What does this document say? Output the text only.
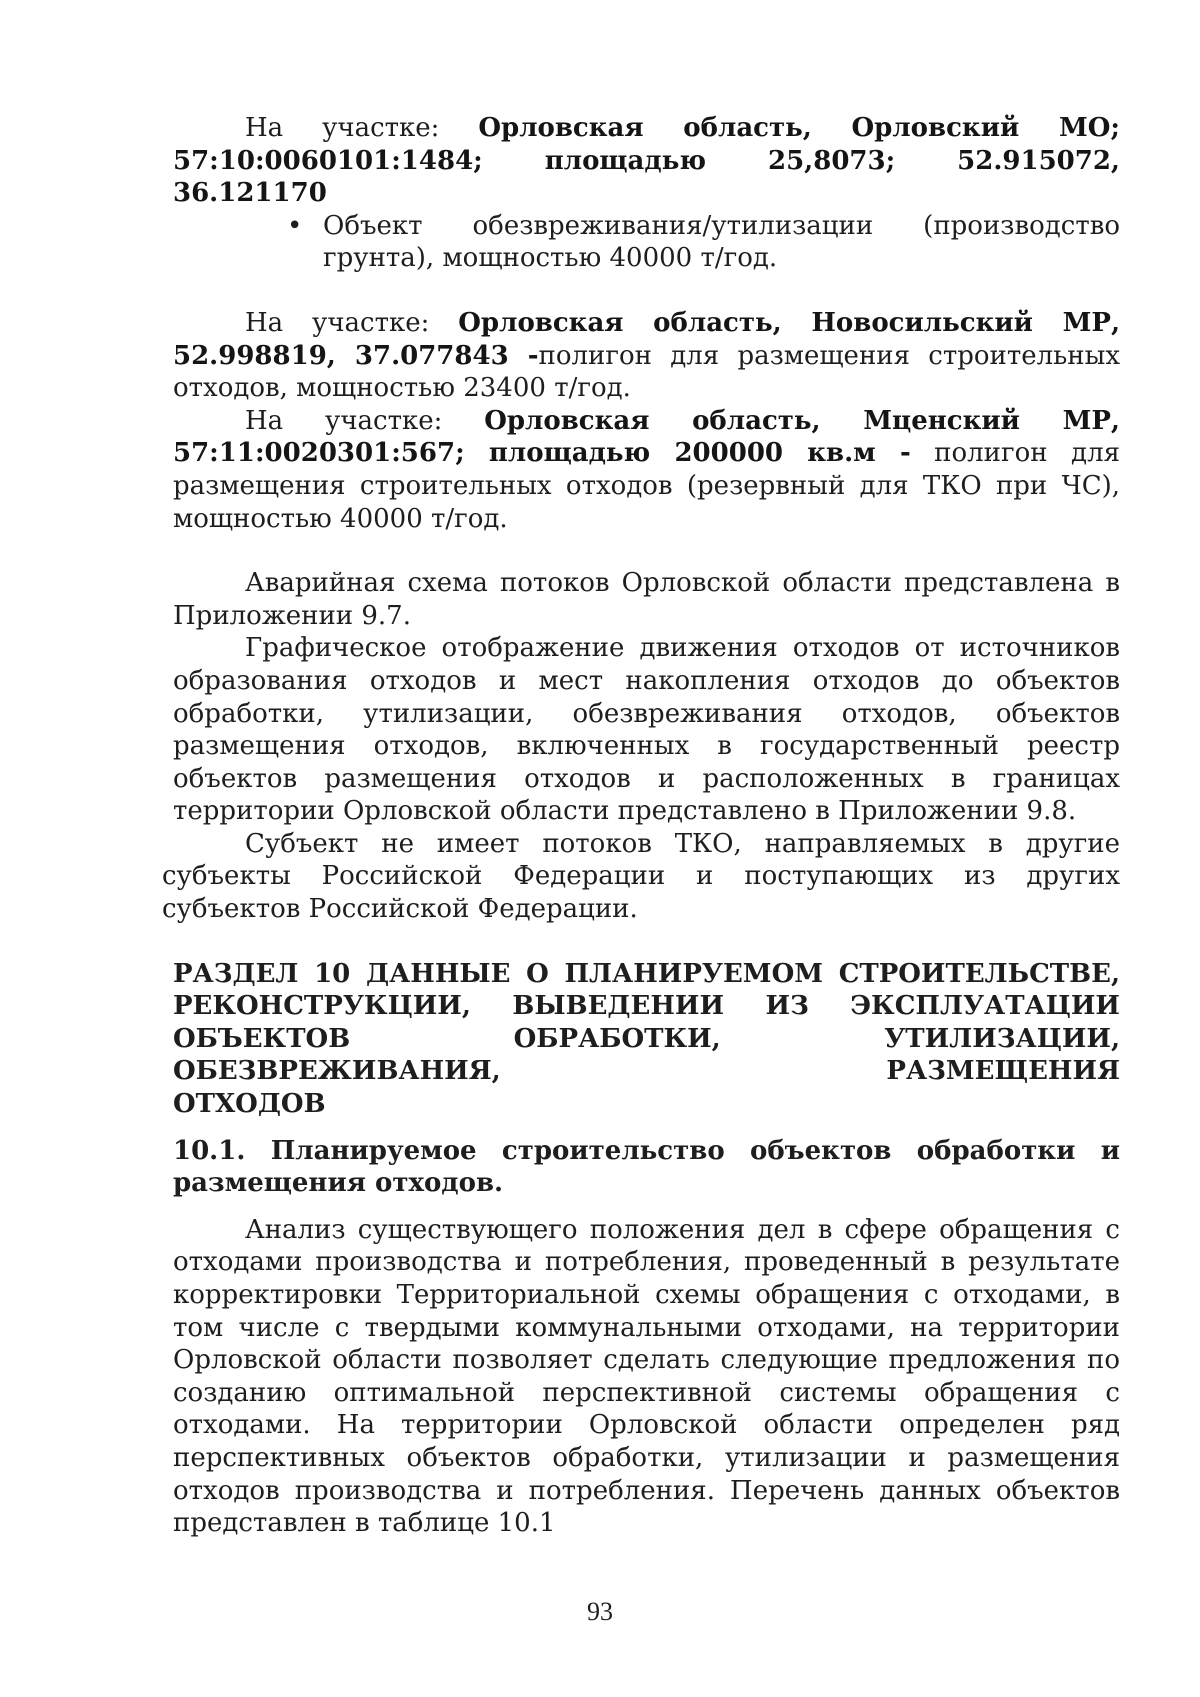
На участке: Орловская область, Орловский МО; 57:10:0060101:1484; площадью 25,8073; 52.915072, 36.121170

• Объект обезвреживания/утилизации (производство грунта), мощностью 40000 т/год.

На участке: Орловская область, Новосильский МР, 52.998819, 37.077843 -полигон для размещения строительных отходов, мощностью 23400 т/год.

На участке: Орловская область, Мценский МР, 57:11:0020301:567; площадью 200000 кв.м - полигон для размещения строительных отходов (резервный для ТКО при ЧС), мощностью 40000 т/год.

Аварийная схема потоков Орловской области представлена в Приложении 9.7.

Графическое отображение движения отходов от источников образования отходов и мест накопления отходов до объектов обработки, утилизации, обезвреживания отходов, объектов размещения отходов, включенных в государственный реестр объектов размещения отходов и расположенных в границах территории Орловской области представлено в Приложении 9.8.

Субъект не имеет потоков ТКО, направляемых в другие субъекты Российской Федерации и поступающих из других субъектов Российской Федерации.

РАЗДЕЛ 10 ДАННЫЕ О ПЛАНИРУЕМОМ СТРОИТЕЛЬСТВЕ, РЕКОНСТРУКЦИИ, ВЫВЕДЕНИИ ИЗ ЭКСПЛУАТАЦИИ ОБЪЕКТОВ ОБРАБОТКИ, УТИЛИЗАЦИИ, ОБЕЗВРЕЖИВАНИЯ, РАЗМЕЩЕНИЯ
ОТХОДОВ

10.1. Планируемое строительство объектов обработки и
размещения отходов.

Анализ существующего положения дел в сфере обращения с отходами производства и потребления, проведенный в результате корректировки Территориальной схемы обращения с отходами, в том числе с твердыми коммунальными отходами, на территории Орловской области позволяет сделать следующие предложения по созданию оптимальной перспективной системы обращения с отходами. На территории Орловской области определен ряд перспективных объектов обработки, утилизации и размещения отходов производства и потребления. Перечень данных объектов представлен в таблице 10.1

93
